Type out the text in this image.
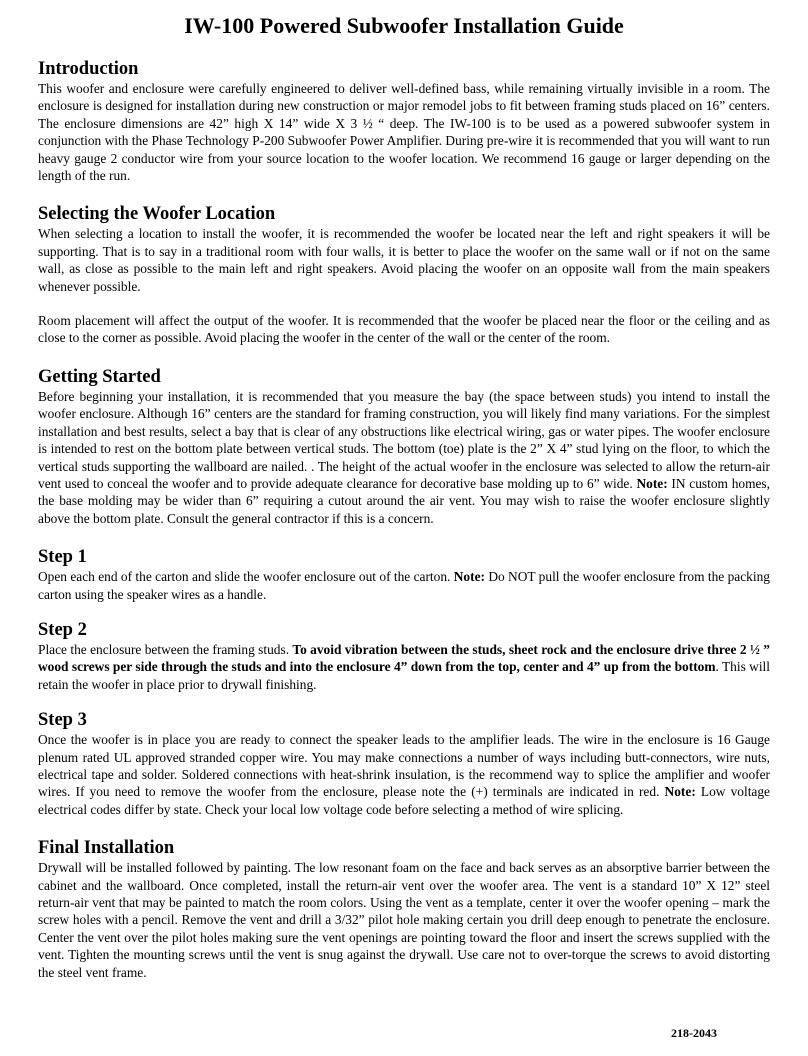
IW-100 Powered Subwoofer Installation Guide
Introduction

This woofer and enclosure were carefully engineered to deliver well-defined bass, while remaining virtually invisible in a room. The enclosure is designed for installation during new construction or major remodel jobs to fit between framing studs placed on 16” centers. The enclosure dimensions are 42” high X 14” wide X 3 ½ “ deep. The IW-100 is to be used as a powered subwoofer system in conjunction with the Phase Technology P-200 Subwoofer Power Amplifier. During pre-wire it is recommended that you will want to run heavy gauge 2 conductor wire from your source location to the woofer location. We recommend 16 gauge or larger depending on the length of the run.

Selecting the Woofer Location

When selecting a location to install the woofer, it is recommended the woofer be located near the left and right speakers it will be supporting. That is to say in a traditional room with four walls, it is better to place the woofer on the same wall or if not on the same wall, as close as possible to the main left and right speakers. Avoid placing the woofer on an opposite wall from the main speakers whenever possible.

Room placement will affect the output of the woofer. It is recommended that the woofer be placed near the floor or the ceiling and as close to the corner as possible. Avoid placing the woofer in the center of the wall or the center of the room.

Getting Started

Before beginning your installation, it is recommended that you measure the bay (the space between studs) you intend to install the woofer enclosure. Although 16” centers are the standard for framing construction, you will likely find many variations. For the simplest installation and best results, select a bay that is clear of any obstructions like electrical wiring, gas or water pipes. The woofer enclosure is intended to rest on the bottom plate between vertical studs. The bottom (toe) plate is the 2” X 4” stud lying on the floor, to which the vertical studs supporting the wallboard are nailed. . The height of the actual woofer in the enclosure was selected to allow the return-air vent used to conceal the woofer and to provide adequate clearance for decorative base molding up to 6” wide. Note: IN custom homes, the base molding may be wider than 6” requiring a cutout around the air vent. You may wish to raise the woofer enclosure slightly above the bottom plate. Consult the general contractor if this is a concern.

Step 1

Open each end of the carton and slide the woofer enclosure out of the carton. Note: Do NOT pull the woofer enclosure from the packing carton using the speaker wires as a handle.

Step 2

Place the enclosure between the framing studs. To avoid vibration between the studs, sheet rock and the enclosure drive three 2 ½ ” wood screws per side through the studs and into the enclosure 4” down from the top, center and 4” up from the bottom. This will retain the woofer in place prior to drywall finishing.

Step 3

Once the woofer is in place you are ready to connect the speaker leads to the amplifier leads. The wire in the enclosure is 16 Gauge plenum rated UL approved stranded copper wire. You may make connections a number of ways including butt-connectors, wire nuts, electrical tape and solder. Soldered connections with heat-shrink insulation, is the recommend way to splice the amplifier and woofer wires. If you need to remove the woofer from the enclosure, please note the (+) terminals are indicated in red. Note: Low voltage electrical codes differ by state. Check your local low voltage code before selecting a method of wire splicing.

Final Installation

Drywall will be installed followed by painting. The low resonant foam on the face and back serves as an absorptive barrier between the cabinet and the wallboard. Once completed, install the return-air vent over the woofer area. The vent is a standard 10” X 12” steel return-air vent that may be painted to match the room colors. Using the vent as a template, center it over the woofer opening – mark the screw holes with a pencil. Remove the vent and drill a 3/32” pilot hole making certain you drill deep enough to penetrate the enclosure. Center the vent over the pilot holes making sure the vent openings are pointing toward the floor and insert the screws supplied with the vent. Tighten the mounting screws until the vent is snug against the drywall. Use care not to over-torque the screws to avoid distorting the steel vent frame.

218-2043
